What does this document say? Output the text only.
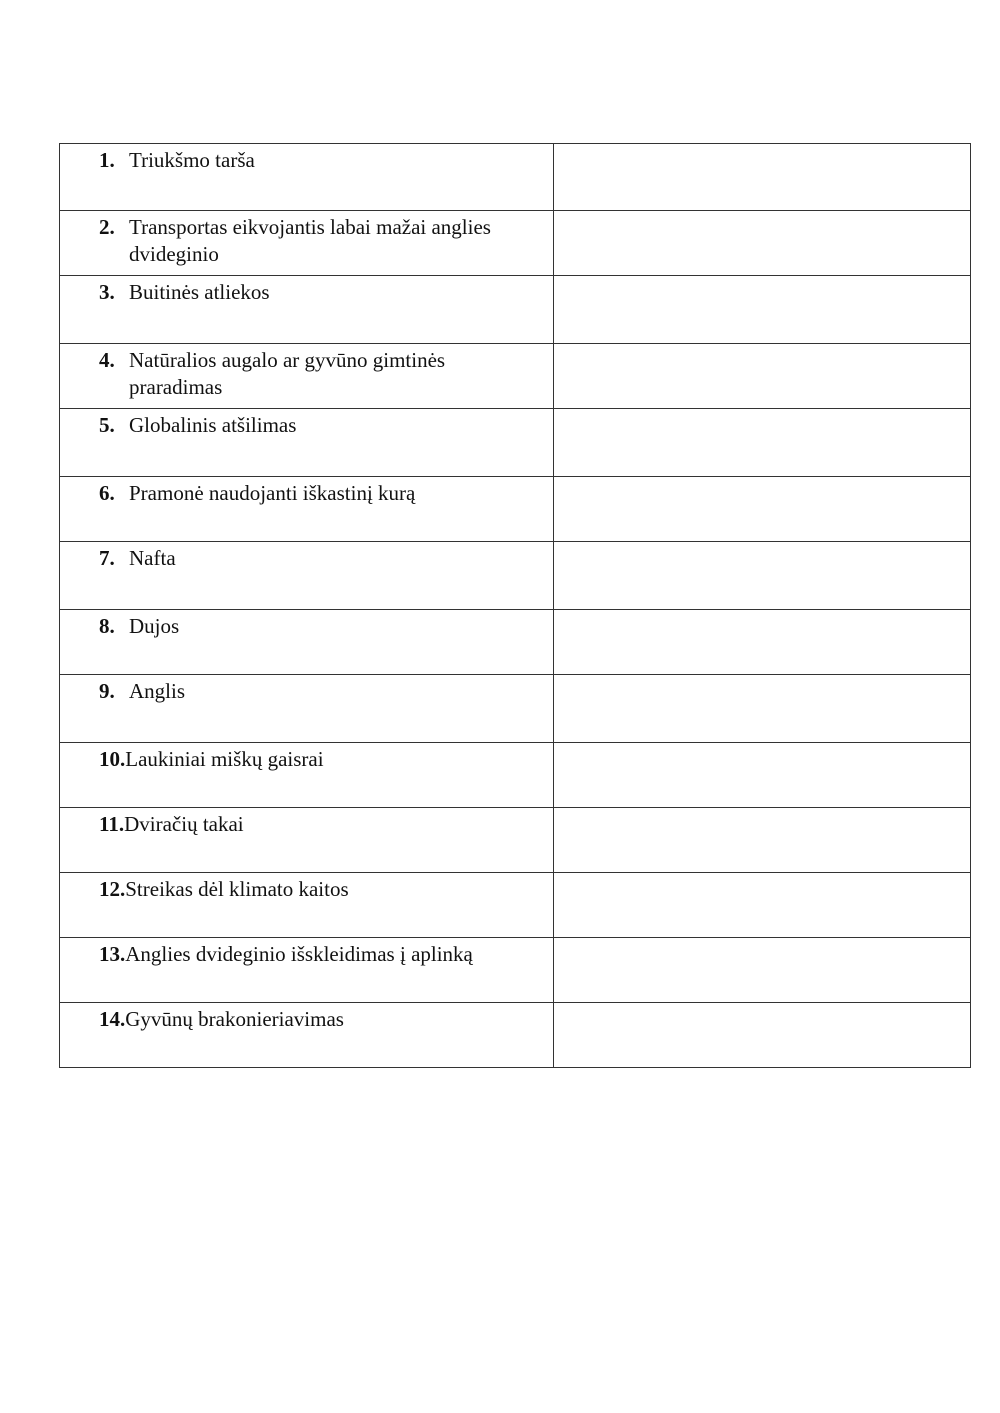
1. Triukšmo tarša	

2. Transportas eikvojantis labai mažai anglies dvideginio	

3. Buitinės atliekos	

4. Natūralios augalo ar gyvūno gimtinės praradimas	

5. Globalinis atšilimas	

6. Pramonė naudojanti iškastinį kurą	

7. Nafta	

8. Dujos	

9. Anglis	

10. Laukiniai miškų gaisrai	

11. Dviračių takai	

12. Streikas dėl klimato kaitos	

13. Anglies dvideginio išskleidimas į aplinką	

14. Gyvūnų brakonieriavimas	
